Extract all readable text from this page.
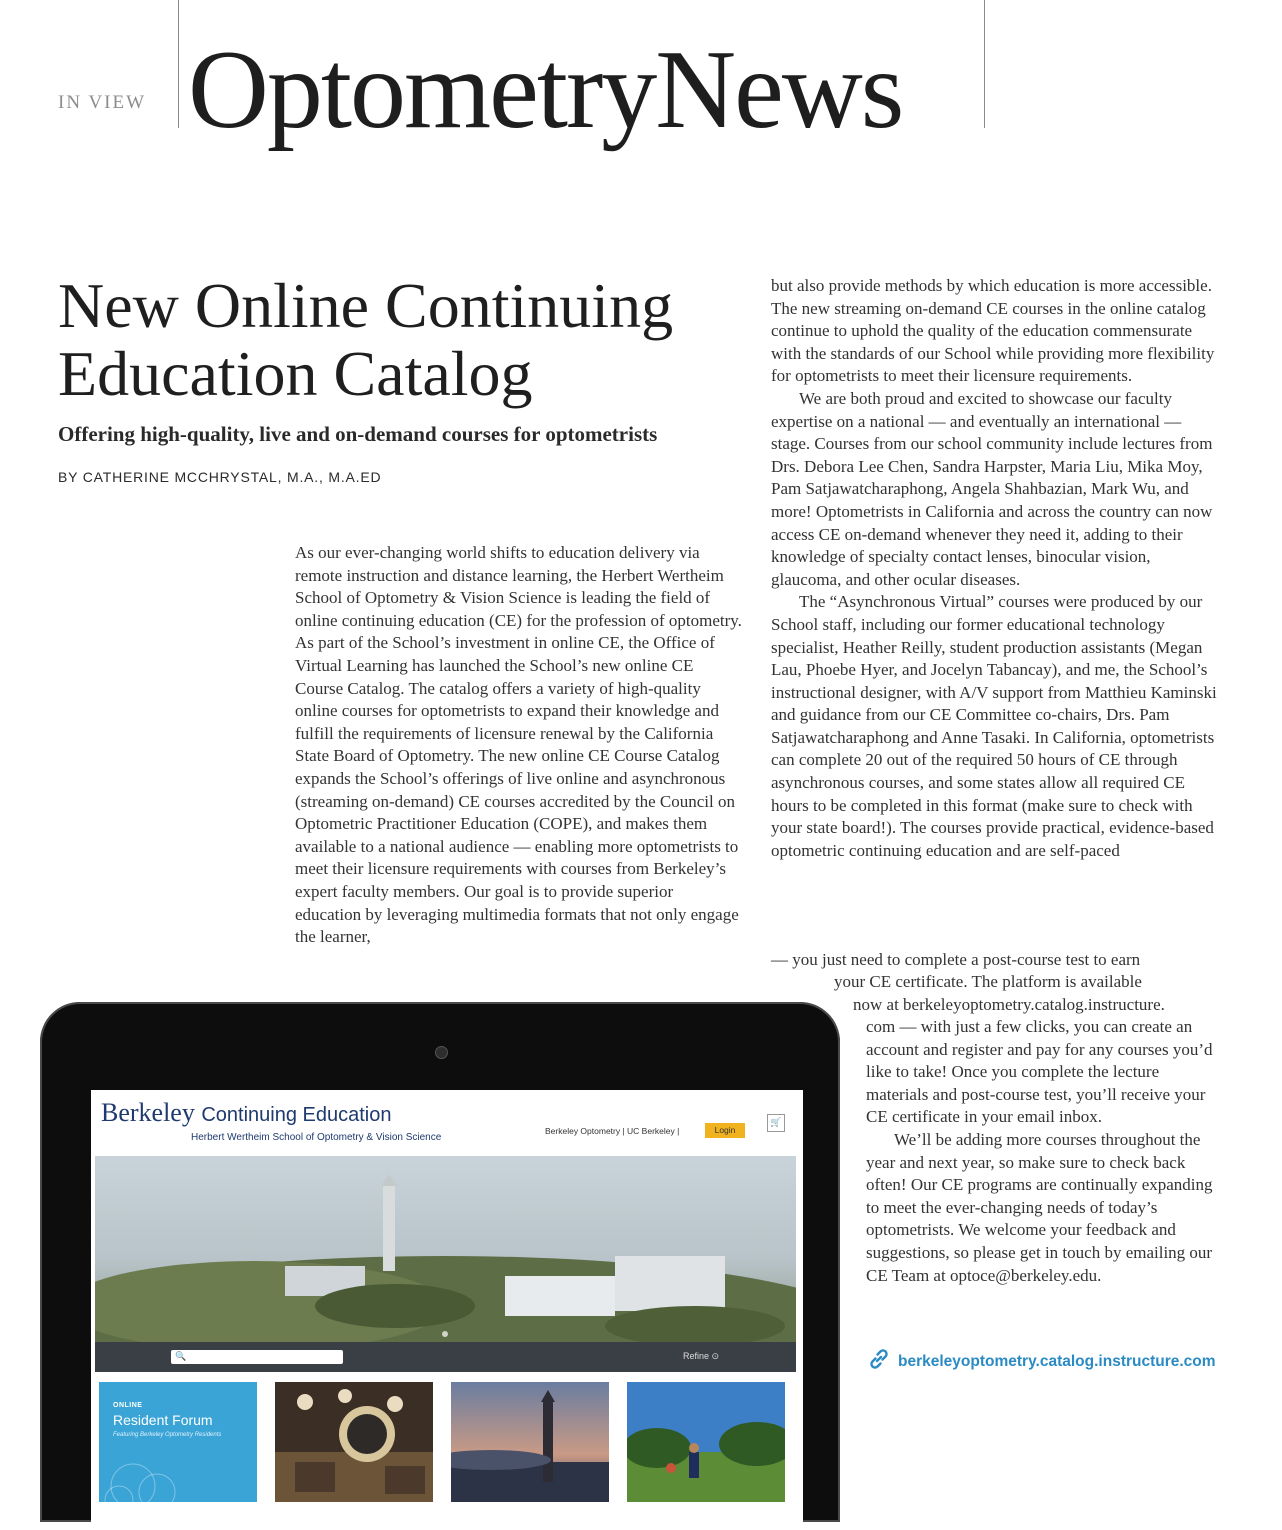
IN VIEW OptometryNews
New Online Continuing Education Catalog
Offering high-quality, live and on-demand courses for optometrists
BY CATHERINE MCCHRYSTAL, M.A., M.A.ED

As our ever-changing world shifts to education delivery via remote instruction and distance learning, the Herbert Wertheim School of Optometry & Vision Science is leading the field of online continuing education (CE) for the profession of optometry. As part of the School’s investment in online CE, the Office of Virtual Learning has launched the School’s new online CE Course Catalog. The catalog offers a variety of high-quality online courses for optometrists to expand their knowledge and fulfill the requirements of licensure renewal by the California State Board of Optometry. The new online CE Course Catalog expands the School’s offerings of live online and asynchronous (streaming on-demand) CE courses accredited by the Council on Optometric Practitioner Education (COPE), and makes them available to a national audience — enabling more optometrists to meet their licensure requirements with courses from Berkeley’s expert faculty members. Our goal is to provide superior education by leveraging multimedia formats that not only engage the learner,

but also provide methods by which education is more accessible. The new streaming on-demand CE courses in the online catalog continue to uphold the quality of the education commensurate with the standards of our School while providing more flexibility for optometrists to meet their licensure requirements.

We are both proud and excited to showcase our faculty expertise on a national — and eventually an international — stage. Courses from our school community include lectures from Drs. Debora Lee Chen, Sandra Harpster, Maria Liu, Mika Moy, Pam Satjawatcharaphong, Angela Shahbazian, Mark Wu, and more! Optometrists in California and across the country can now access CE on-demand whenever they need it, adding to their knowledge of specialty contact lenses, binocular vision, glaucoma, and other ocular diseases.

The “Asynchronous Virtual” courses were produced by our School staff, including our former educational technology specialist, Heather Reilly, student production assistants (Megan Lau, Phoebe Hyer, and Jocelyn Tabancay), and me, the School’s instructional designer, with A/V support from Matthieu Kaminski and guidance from our CE Committee co-chairs, Drs. Pam Satjawatcharaphong and Anne Tasaki. In California, optometrists can complete 20 out of the required 50 hours of CE through asynchronous courses, and some states allow all required CE hours to be completed in this format (make sure to check with your state board!). The courses provide practical, evidence-based optometric continuing education and are self-paced

— you just need to complete a post-course test to earn
your CE certificate. The platform is available
now at berkeleyoptometry.catalog.instructure.

com — with just a few clicks, you can create an account and register and pay for any courses you’d like to take! Once you complete the lecture materials and post-course test, you’ll receive your CE certificate in your email inbox.

We’ll be adding more courses throughout the year and next year, so make sure to check back often! Our CE programs are continually expanding to meet the ever-changing needs of today’s optometrists. We welcome your feedback and suggestions, so please get in touch by emailing our CE Team at optoce@berkeley.edu.

berkeleyoptometry.catalog.instructure.com
Berkeley Continuing Education
Herbert Wertheim School of Optometry & Vision Science
Berkeley Optometry | UC Berkeley |	Login
🛒
🔍	Refine ⊙
ONLINE
Resident Forum
Featuring Berkeley Optometry Residents
